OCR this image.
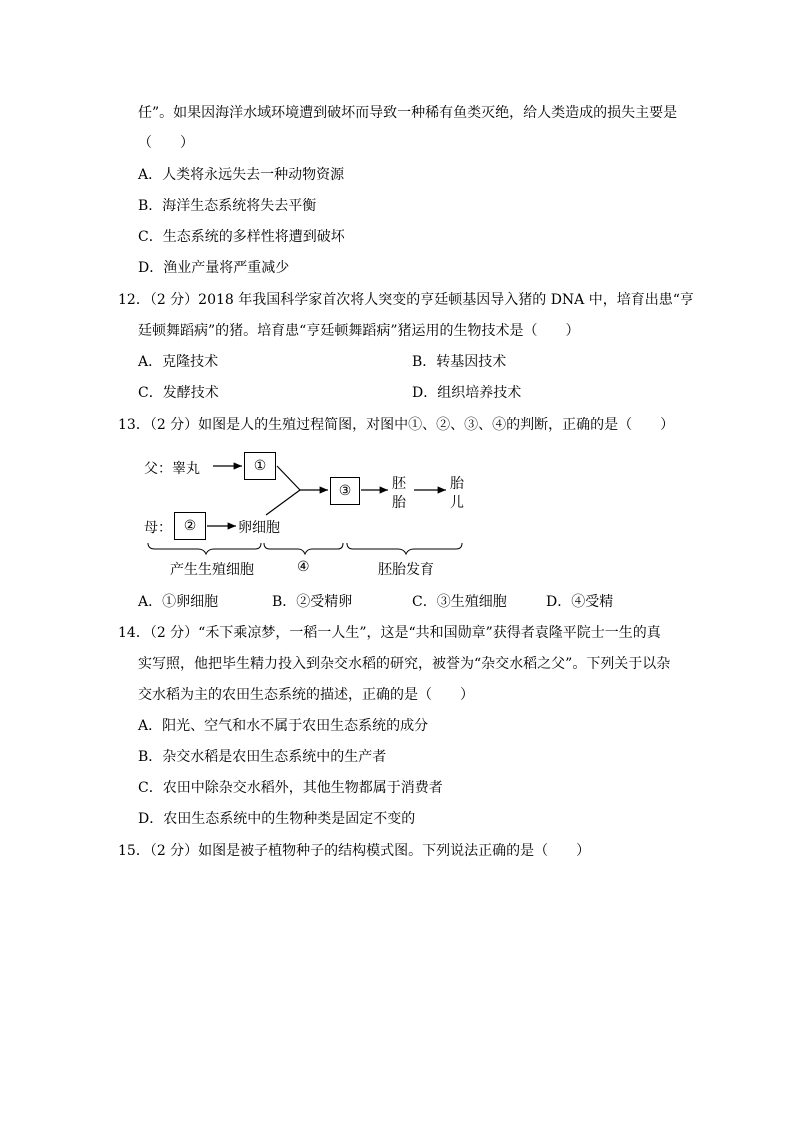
任”。如果因海洋水域环境遭到破坏而导致一种稀有鱼类灭绝，给人类造成的损失主要是
（　　）
A．人类将永远失去一种动物资源
B．海洋生态系统将失去平衡
C．生态系统的多样性将遭到破坏
D．渔业产量将严重减少
12．（2 分）2018 年我国科学家首次将人突变的亨廷顿基因导入猪的 DNA 中，培育出患“亨
廷顿舞蹈病”的猪。培育患“亨廷顿舞蹈病”猪运用的生物技术是（　　）
A．克隆技术	B．转基因技术
C．发酵技术	D．组织培养技术
13．（2 分）如图是人的生殖过程简图，对图中①、②、③、④的判断，正确的是（　　）
父：睾丸	①
母： ②	卵细胞
③	胚
胎
胎
儿
产生生殖细胞	④	胚胎发育
A．①卵细胞	B．②受精卵	C．③生殖细胞	D．④受精
14．（2 分）“禾下乘凉梦，一稻一人生”，这是“共和国勋章”获得者袁隆平院士一生的真
实写照，他把毕生精力投入到杂交水稻的研究，被誉为“杂交水稻之父”。下列关于以杂
交水稻为主的农田生态系统的描述，正确的是（　　）
A．阳光、空气和水不属于农田生态系统的成分
B．杂交水稻是农田生态系统中的生产者
C．农田中除杂交水稻外，其他生物都属于消费者
D．农田生态系统中的生物种类是固定不变的
15．（2 分）如图是被子植物种子的结构模式图。下列说法正确的是（　　）
